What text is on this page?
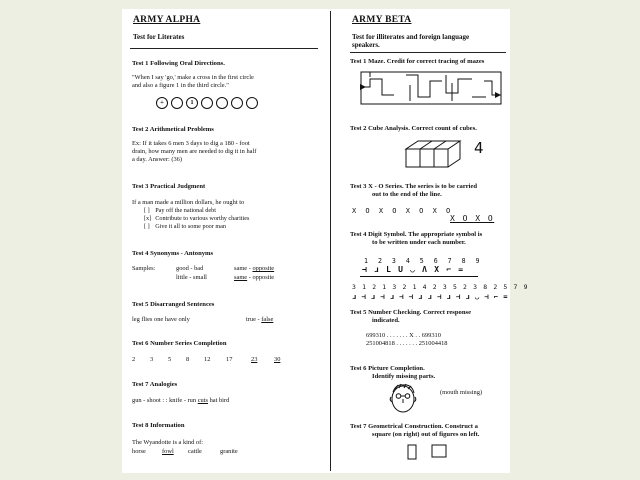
ARMY ALPHA
Test for Literates
Test 1 Following Oral Directions.
"When I say 'go,' make a cross in the first circle
and also a figure 1 in the third circle."
+	1
Test 2 Arithmetical Problems
Ex: If it takes 6 men 3 days to dig a 180 - foot
drain, how many men are needed to dig it in half
a day. Answer: (36)
Test 3 Practical Judgment
If a man made a million dollars, he ought to
[ ]	Pay off the national debt
[x]	Contribute to various worthy charities
[ ]	Give it all to some poor man
Test 4 Synonyms - Antonyms
Samples:	good - bad	same - opposite
little - small	same - opposite
Test 5 Disarranged Sentences
leg flies one have only	true - false
Test 6 Number Series Completion
2 3 5 8 12 17	23	30
Test 7 Analogies
gun - shoot : : knife - run cuts hat bird
Test 8 Information
The Wyandotte is a kind of:
horse	fowl cattle	granite
ARMY BETA
Test for illiterates and foreign language
speakers.
Test 1 Maze. Credit for correct tracing of mazes
Test 2 Cube Analysis. Correct count of cubes.
4
Test 3 X - O Series. The series is to be carried
out to the end of the line.
X O X O X O X O
X O X O
Test 4 Digit Symbol. The appropriate symbol is
to be written under each number.
1 2 3 4 5 6 7 8 9
⊣ ɹ L U ◡ Λ X ⌐ =
3 1 2 1 3 2 1 4 2 3 5 2 3 8 2 5 7 9
ɹ ⊣ ɹ ⊣ ɹ ⊣ ⊣ ɹ ɹ ⊣ ɹ ⊣ ɹ ◡ ⊣ ⌐ =
Test 5 Number Checking. Correct response
indicated.
699310 . . . . . . . X . . 699310
251004818 . . . . . . . 251004418
Test 6 Picture Completion.
Identify missing parts.
(mouth missing)
Test 7 Geometrical Construction. Construct a
square (on right) out of figures on left.
